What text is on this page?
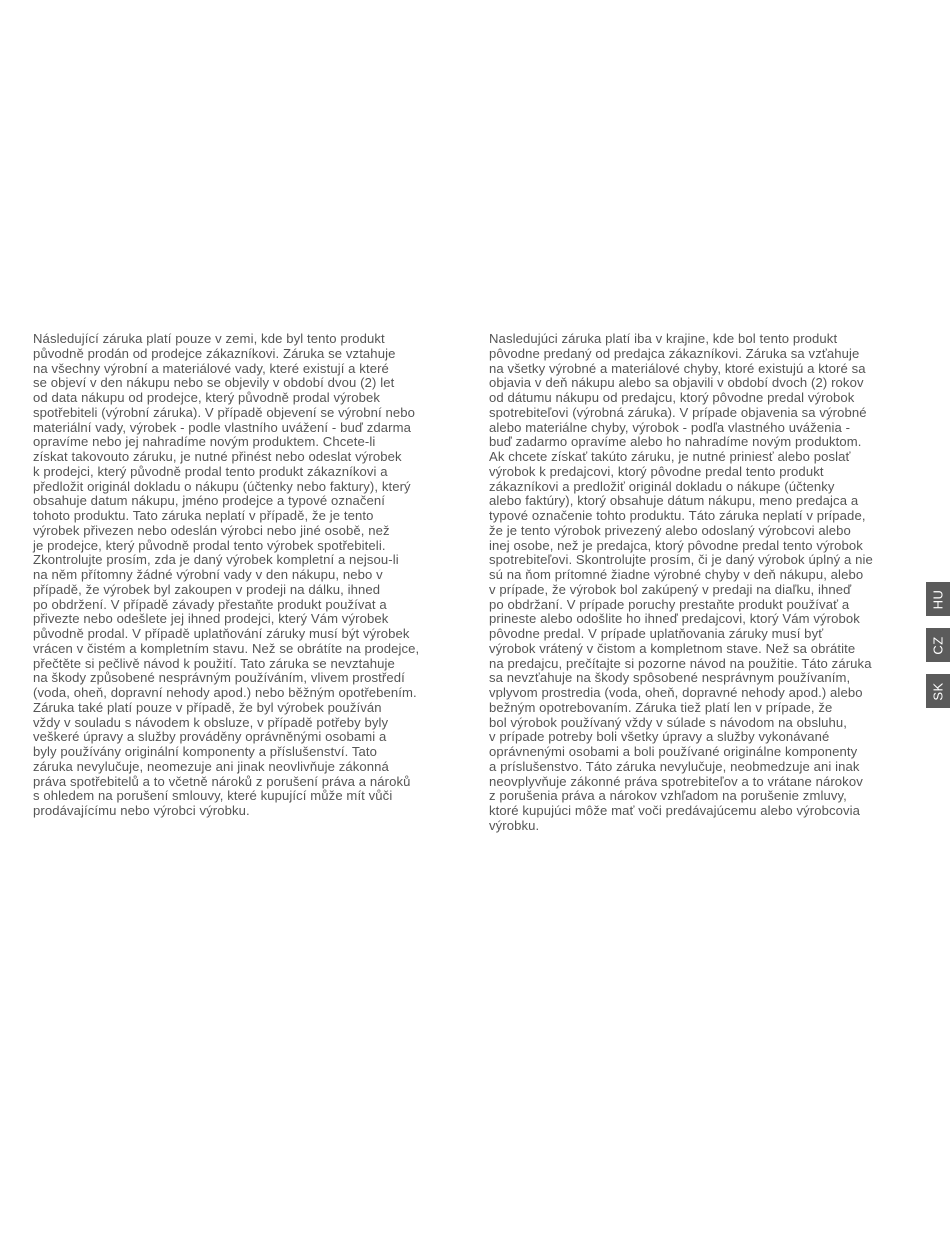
Následující záruka platí pouze v zemi, kde byl tento produkt
původně prodán od prodejce zákazníkovi. Záruka se vztahuje
na všechny výrobní a materiálové vady, které existují a které
se objeví v den nákupu nebo se objevily v období dvou (2) let
od data nákupu od prodejce, který původně prodal výrobek
spotřebiteli (výrobní záruka). V případě objevení se výrobní nebo
materiální vady, výrobek - podle vlastního uvážení - buď zdarma
opravíme nebo jej nahradíme novým produktem. Chcete-li
získat takovouto záruku, je nutné přinést nebo odeslat výrobek
k prodejci, který původně prodal tento produkt zákazníkovi a
předložit originál dokladu o nákupu (účtenky nebo faktury), který
obsahuje datum nákupu, jméno prodejce a typové označení
tohoto produktu. Tato záruka neplatí v případě, že je tento
výrobek přivezen nebo odeslán výrobci nebo jiné osobě, než
je prodejce, který původně prodal tento výrobek spotřebiteli.
Zkontrolujte prosím, zda je daný výrobek kompletní a nejsou-li
na něm přítomny žádné výrobní vady v den nákupu, nebo v
případě, že výrobek byl zakoupen v prodeji na dálku, ihned
po obdržení. V případě závady přestaňte produkt používat a
přivezte nebo odešlete jej ihned prodejci, který Vám výrobek
původně prodal. V případě uplatňování záruky musí být výrobek
vrácen v čistém a kompletním stavu. Než se obrátíte na prodejce,
přečtěte si pečlivě návod k použití. Tato záruka se nevztahuje
na škody způsobené nesprávným používáním, vlivem prostředí
(voda, oheň, dopravní nehody apod.) nebo běžným opotřebením.
Záruka také platí pouze v případě, že byl výrobek používán
vždy v souladu s návodem k obsluze, v případě potřeby byly
veškeré úpravy a služby prováděny oprávněnými osobami a
byly používány originální komponenty a příslušenství. Tato
záruka nevylučuje, neomezuje ani jinak neovlivňuje zákonná
práva spotřebitelů a to včetně nároků z porušení práva a nároků
s ohledem na porušení smlouvy, které kupující může mít vůči
prodávajícímu nebo výrobci výrobku.
Nasledujúci záruka platí iba v krajine, kde bol tento produkt
pôvodne predaný od predajca zákazníkovi. Záruka sa vzťahuje
na všetky výrobné a materiálové chyby, ktoré existujú a ktoré sa
objavia v deň nákupu alebo sa objavili v období dvoch (2) rokov
od dátumu nákupu od predajcu, ktorý pôvodne predal výrobok
spotrebiteľovi (výrobná záruka). V prípade objavenia sa výrobné
alebo materiálne chyby, výrobok - podľa vlastného uváženia -
buď zadarmo opravíme alebo ho nahradíme novým produktom.
Ak chcete získať takúto záruku, je nutné priniesť alebo poslať
výrobok k predajcovi, ktorý pôvodne predal tento produkt
zákazníkovi a predložiť originál dokladu o nákupe (účtenky
alebo faktúry), ktorý obsahuje dátum nákupu, meno predajca a
typové označenie tohto produktu. Táto záruka neplatí v prípade,
že je tento výrobok privezený alebo odoslaný výrobcovi alebo
inej osobe, než je predajca, ktorý pôvodne predal tento výrobok
spotrebiteľovi. Skontrolujte prosím, či je daný výrobok úplný a nie
sú na ňom prítomné žiadne výrobné chyby v deň nákupu, alebo
v prípade, že výrobok bol zakúpený v predaji na diaľku, ihneď
po obdržaní. V prípade poruchy prestaňte produkt používať a
prineste alebo odošlite ho ihneď predajcovi, ktorý Vám výrobok
pôvodne predal. V prípade uplatňovania záruky musí byť
výrobok vrátený v čistom a kompletnom stave. Než sa obrátite
na predajcu, prečítajte si pozorne návod na použitie. Táto záruka
sa nevzťahuje na škody spôsobené nesprávnym používaním,
vplyvom prostredia (voda, oheň, dopravné nehody apod.) alebo
bežným opotrebovaním. Záruka tiež platí len v prípade, že
bol výrobok používaný vždy v súlade s návodom na obsluhu,
v prípade potreby boli všetky úpravy a služby vykonávané
oprávnenými osobami a boli používané originálne komponenty
a príslušenstvo. Táto záruka nevylučuje, neobmedzuje ani inak
neovplyvňuje zákonné práva spotrebiteľov a to vrátane nárokov
z porušenia práva a nárokov vzhľadom na porušenie zmluvy,
ktoré kupujúci môže mať voči predávajúcemu alebo výrobcovia
výrobku.
HU
CZ
SK
